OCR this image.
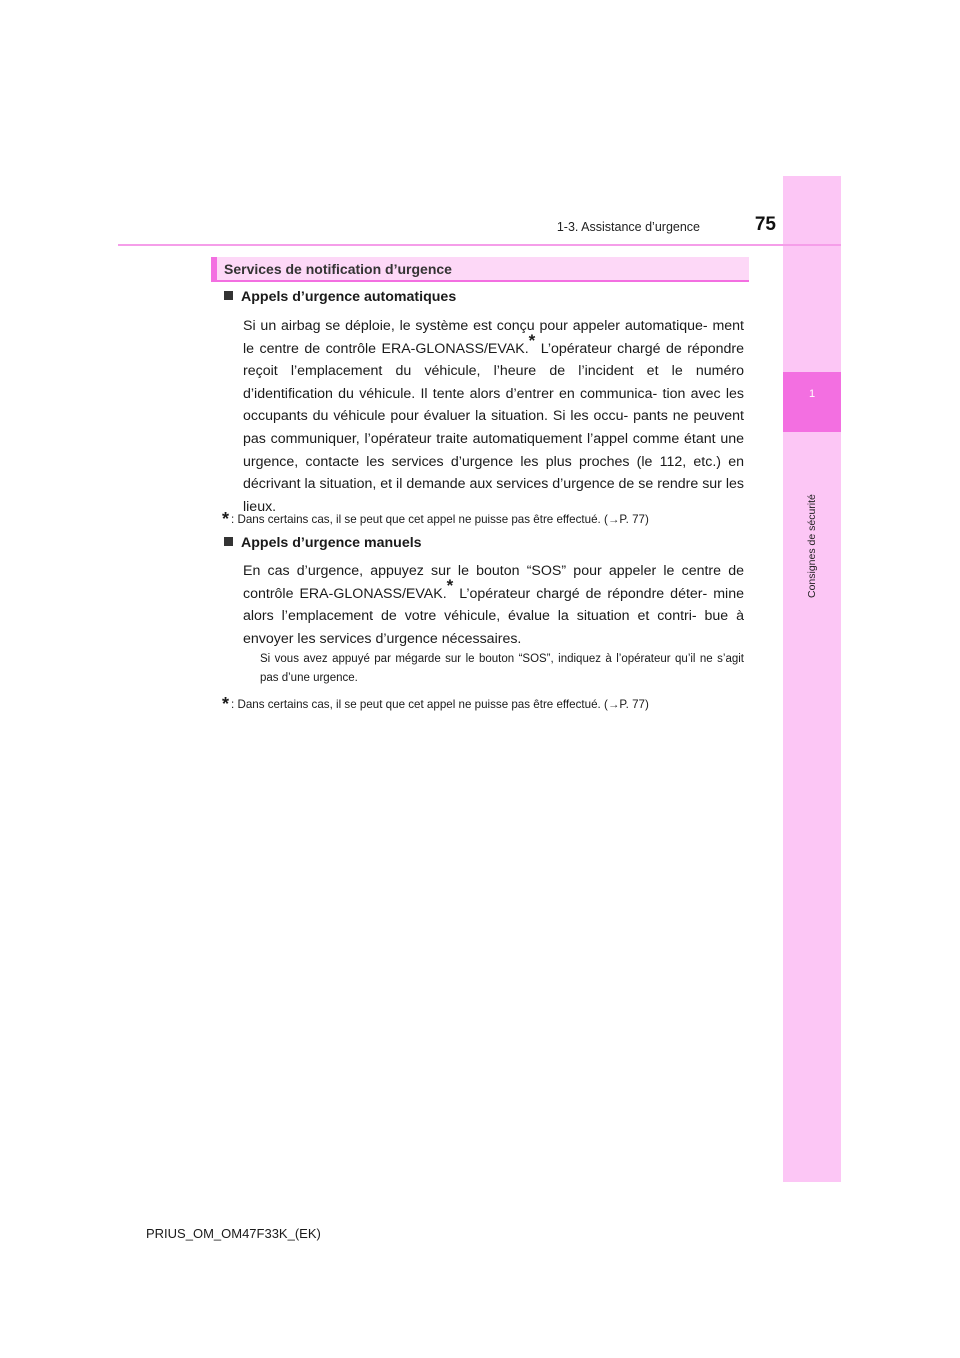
1
Consignes de sécurité
1-3. Assistance d’urgence	75
Services de notification d’urgence
Appels d’urgence automatiques
Si un airbag se déploie, le système est conçu pour appeler automatique- ment le centre de contrôle ERA-GLONASS/EVAK.* L’opérateur chargé de répondre reçoit l’emplacement du véhicule, l’heure de l’incident et le numéro d’identification du véhicule. Il tente alors d’entrer en communica- tion avec les occupants du véhicule pour évaluer la situation. Si les occu- pants ne peuvent pas communiquer, l’opérateur traite automatiquement l’appel comme étant une urgence, contacte les services d’urgence les plus proches (le 112, etc.) en décrivant la situation, et il demande aux services d’urgence de se rendre sur les lieux.
* : Dans certains cas, il se peut que cet appel ne puisse pas être effectué. (→P. 77)
Appels d’urgence manuels
En cas d’urgence, appuyez sur le bouton “SOS” pour appeler le centre de contrôle ERA-GLONASS/EVAK.* L’opérateur chargé de répondre déter- mine alors l’emplacement de votre véhicule, évalue la situation et contri- bue à envoyer les services d’urgence nécessaires.
Si vous avez appuyé par mégarde sur le bouton “SOS”, indiquez à l’opérateur qu’il ne s’agit pas d’une urgence.
* : Dans certains cas, il se peut que cet appel ne puisse pas être effectué. (→P. 77)
PRIUS_OM_OM47F33K_(EK)
